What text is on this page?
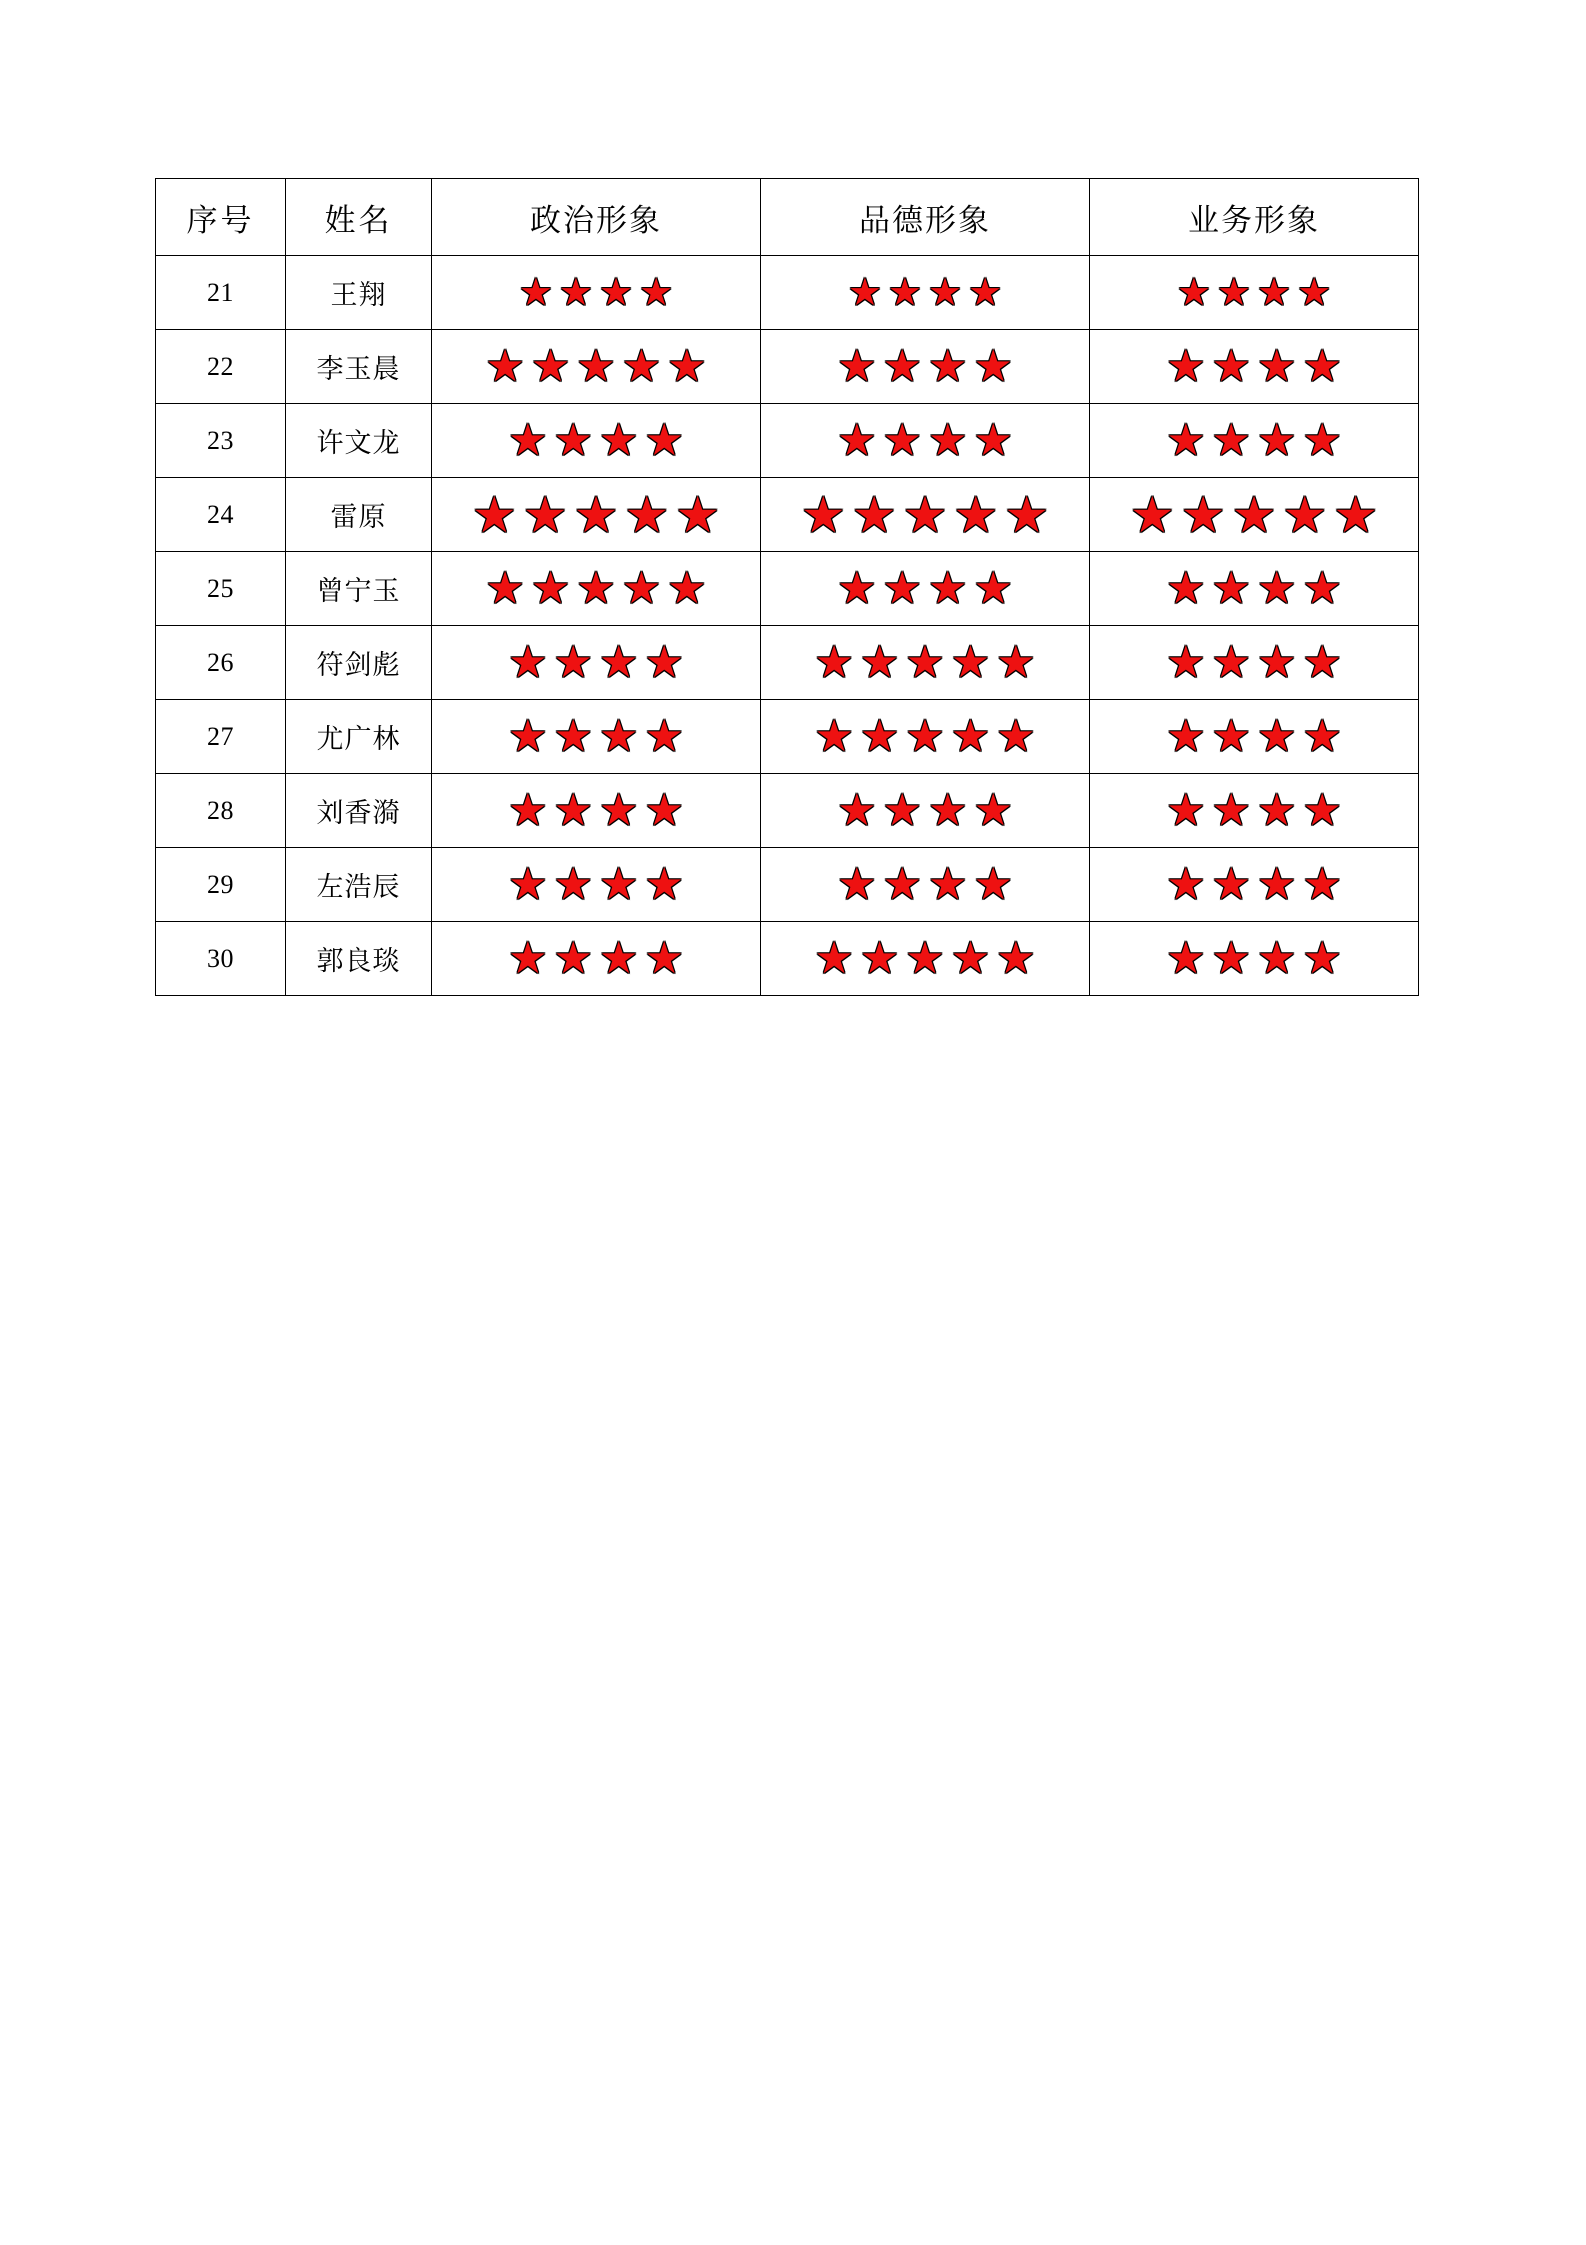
序号	姓名	政治形象	品德形象	业务形象
21	王翔	★ ★ ★ ★	★ ★ ★ ★	★ ★ ★ ★

22	李玉晨	★ ★ ★ ★ ★	★ ★ ★ ★	★ ★ ★ ★

23	许文龙	★ ★ ★ ★	★ ★ ★ ★	★ ★ ★ ★

24	雷原	★ ★ ★ ★ ★	★ ★ ★ ★ ★	★ ★ ★ ★ ★

25	曾宁玉	★ ★ ★ ★ ★	★ ★ ★ ★	★ ★ ★ ★

26	符剑彪	★ ★ ★ ★	★ ★ ★ ★ ★	★ ★ ★ ★

27	尤广林	★ ★ ★ ★	★ ★ ★ ★ ★	★ ★ ★ ★

28	刘香漪	★ ★ ★ ★	★ ★ ★ ★	★ ★ ★ ★

29	左浩辰	★ ★ ★ ★	★ ★ ★ ★	★ ★ ★ ★

30	郭良琰	★ ★ ★ ★	★ ★ ★ ★ ★	★ ★ ★ ★
